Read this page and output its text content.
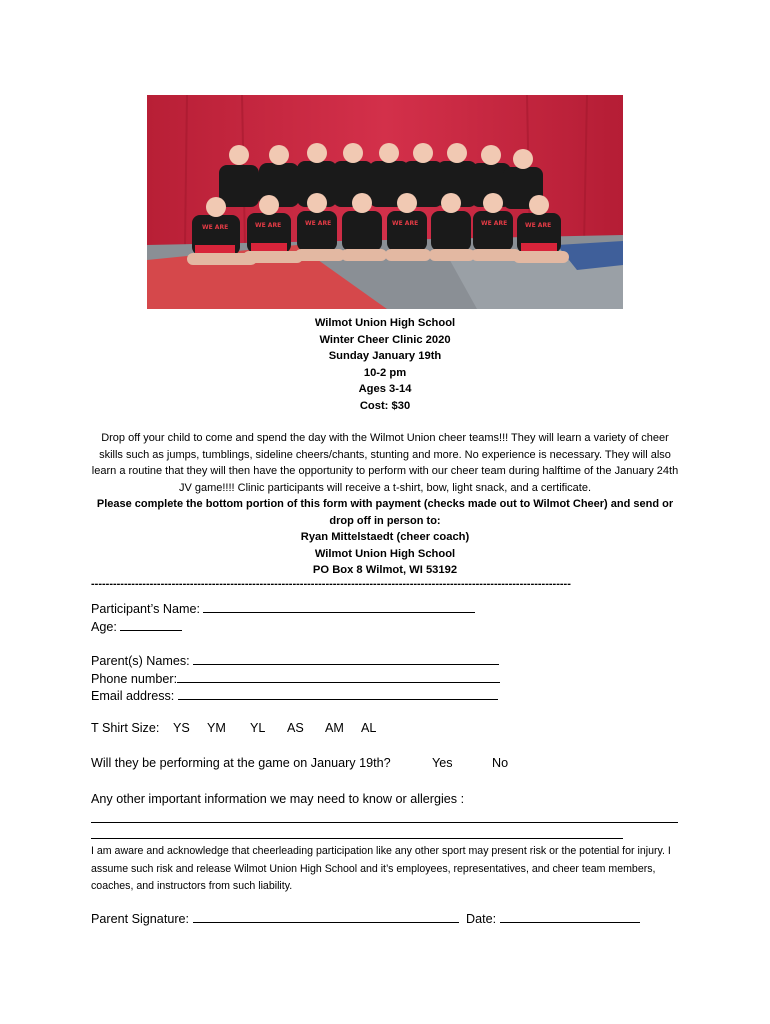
WE ARE	WE ARE	WE ARE	WE ARE	WE ARE	WE ARE
Wilmot Union High School
Winter Cheer Clinic 2020
Sunday January 19th
10-2 pm
Ages 3-14
Cost: $30
Drop off your child to come and spend the day with the Wilmot Union cheer teams!!! They will learn a variety of cheer skills such as jumps, tumblings, sideline cheers/chants, stunting and more. No experience is necessary. They will also learn a routine that they will then have the opportunity to perform with our cheer team during halftime of the January 24th JV game!!!! Clinic participants will receive a t-shirt, bow, light snack, and a certificate.
Please complete the bottom portion of this form with payment (checks made out to Wilmot Cheer) and send or drop off in person to:
Ryan Mittelstaedt (cheer coach)
Wilmot Union High School
PO Box 8 Wilmot, WI 53192
-----------------------------------------------------------------------------------------------------------------------------------
Participant’s Name:
Age:
Parent(s) Names:
Phone number:
Email address:
T Shirt Size: YS YM YL AS AM AL
Will they be performing at the game on January 19th?	Yes	No
Any other important information we may need to know or allergies :
I am aware and acknowledge that cheerleading participation like any other sport may present risk or the potential for injury. I assume such risk and release Wilmot Union High School and it’s employees, representatives, and cheer team members, coaches, and instructors from such liability.
Parent Signature:	Date:
